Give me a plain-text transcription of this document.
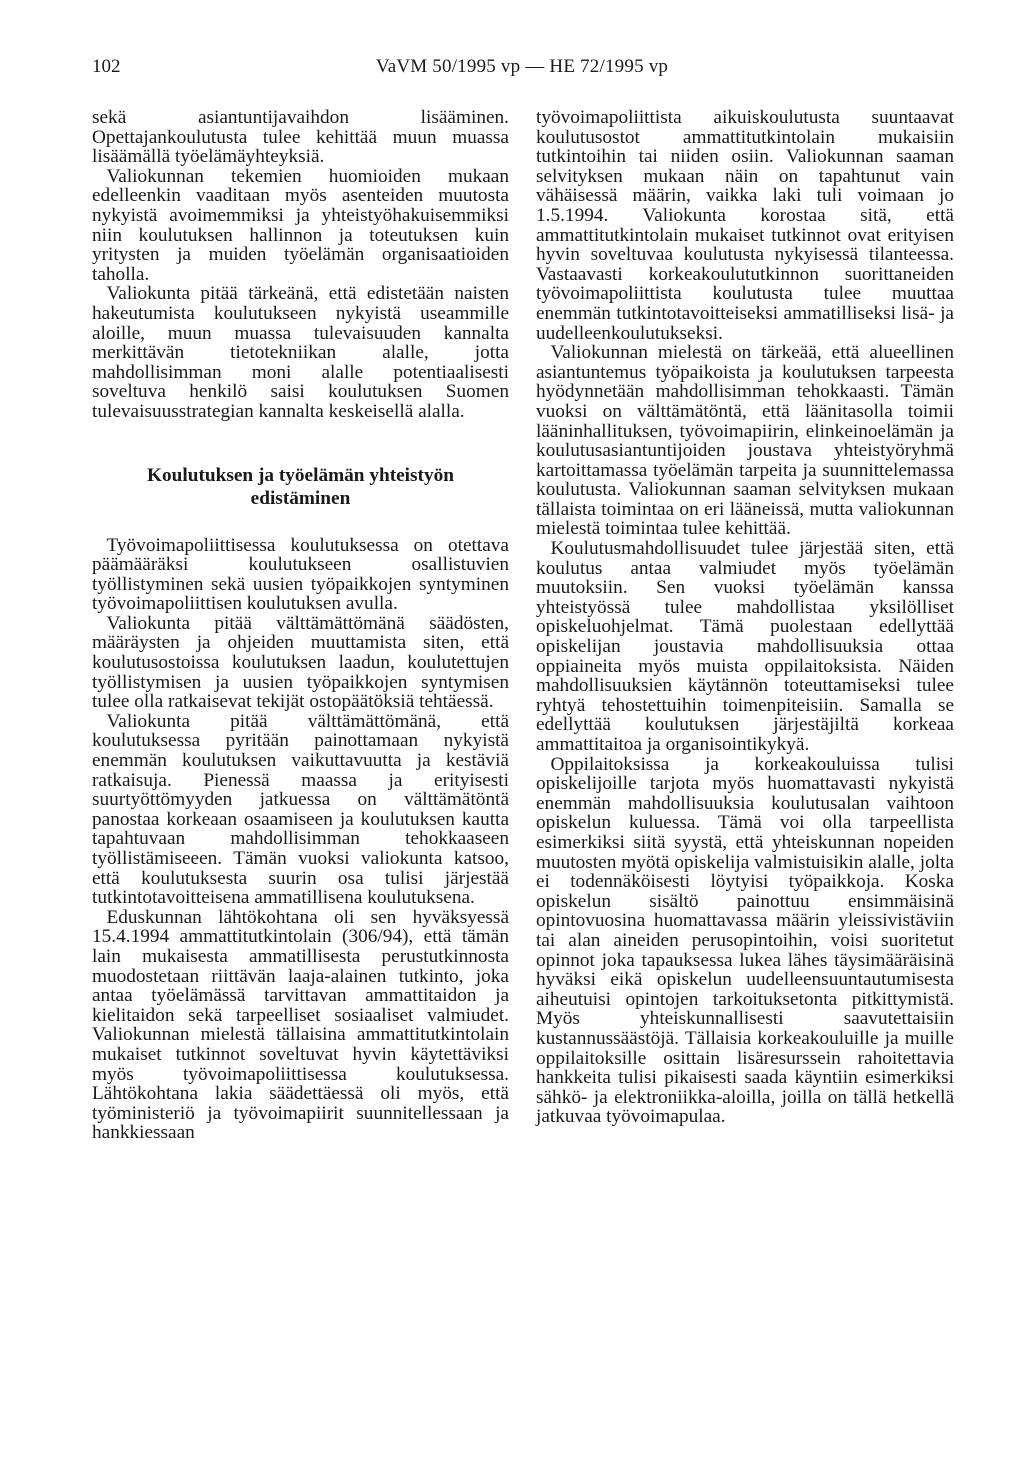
102	VaVM 50/1995 vp — HE 72/1995 vp

sekä asiantuntijavaihdon lisääminen. Opettajankoulutusta tulee kehittää muun muassa lisäämällä työelämäyhteyksiä.

Valiokunnan tekemien huomioiden mukaan edelleenkin vaaditaan myös asenteiden muutosta nykyistä avoimemmiksi ja yhteistyöhakuisemmiksi niin koulutuksen hallinnon ja toteutuksen kuin yritysten ja muiden työelämän organisaatioiden taholla.

Valiokunta pitää tärkeänä, että edistetään naisten hakeutumista koulutukseen nykyistä useammille aloille, muun muassa tulevaisuuden kannalta merkittävän tietotekniikan alalle, jotta mahdollisimman moni alalle potentiaalisesti soveltuva henkilö saisi koulutuksen Suomen tulevaisuusstrategian kannalta keskeisellä alalla.

Koulutuksen ja työelämän yhteistyön
edistäminen

Työvoimapoliittisessa koulutuksessa on otettava päämääräksi koulutukseen osallistuvien työllistyminen sekä uusien työpaikkojen syntyminen työvoimapoliittisen koulutuksen avulla.

Valiokunta pitää välttämättömänä säädösten, määräysten ja ohjeiden muuttamista siten, että koulutusostoissa koulutuksen laadun, koulutettujen työllistymisen ja uusien työpaikkojen syntymisen tulee olla ratkaisevat tekijät ostopäätöksiä tehtäessä.

Valiokunta pitää välttämättömänä, että koulutuksessa pyritään painottamaan nykyistä enemmän koulutuksen vaikuttavuutta ja kestäviä ratkaisuja. Pienessä maassa ja erityisesti suurtyöttömyyden jatkuessa on välttämätöntä panostaa korkeaan osaamiseen ja koulutuksen kautta tapahtuvaan mahdollisimman tehokkaaseen työllistämiseeen. Tämän vuoksi valiokunta katsoo, että koulutuksesta suurin osa tulisi järjestää tutkintotavoitteisena ammatillisena koulutuksena.

Eduskunnan lähtökohtana oli sen hyväksyessä 15.4.1994 ammattitutkintolain (306/94), että tämän lain mukaisesta ammatillisesta perustutkinnosta muodostetaan riittävän laaja-alainen tutkinto, joka antaa työelämässä tarvittavan ammattitaidon ja kielitaidon sekä tarpeelliset sosiaaliset valmiudet. Valiokunnan mielestä tällaisina ammattitutkintolain mukaiset tutkinnot soveltuvat hyvin käytettäviksi myös työvoimapoliittisessa koulutuksessa. Lähtökohtana lakia säädettäessä oli myös, että työministeriö ja työvoimapiirit suunnitellessaan ja hankkiessaan

työvoimapoliittista aikuiskoulutusta suuntaavat koulutusostot ammattitutkintolain mukaisiin tutkintoihin tai niiden osiin. Valiokunnan saaman selvityksen mukaan näin on tapahtunut vain vähäisessä määrin, vaikka laki tuli voimaan jo 1.5.1994. Valiokunta korostaa sitä, että ammattitutkintolain mukaiset tutkinnot ovat erityisen hyvin soveltuvaa koulutusta nykyisessä tilanteessa. Vastaavasti korkeakoulututkinnon suorittaneiden työvoimapoliittista koulutusta tulee muuttaa enemmän tutkintotavoitteiseksi ammatilliseksi lisä- ja uudelleenkoulutukseksi.

Valiokunnan mielestä on tärkeää, että alueellinen asiantuntemus työpaikoista ja koulutuksen tarpeesta hyödynnetään mahdollisimman tehokkaasti. Tämän vuoksi on välttämätöntä, että läänitasolla toimii lääninhallituksen, työvoimapiirin, elinkeinoelämän ja koulutusasiantuntijoiden joustava yhteistyöryhmä kartoittamassa työelämän tarpeita ja suunnittelemassa koulutusta. Valiokunnan saaman selvityksen mukaan tällaista toimintaa on eri lääneissä, mutta valiokunnan mielestä toimintaa tulee kehittää.

Koulutusmahdollisuudet tulee järjestää siten, että koulutus antaa valmiudet myös työelämän muutoksiin. Sen vuoksi työelämän kanssa yhteistyössä tulee mahdollistaa yksilölliset opiskeluohjelmat. Tämä puolestaan edellyttää opiskelijan joustavia mahdollisuuksia ottaa oppiaineita myös muista oppilaitoksista. Näiden mahdollisuuksien käytännön toteuttamiseksi tulee ryhtyä tehostettuihin toimenpiteisiin. Samalla se edellyttää koulutuksen järjestäjiltä korkeaa ammattitaitoa ja organisointikykyä.

Oppilaitoksissa ja korkeakouluissa tulisi opiskelijoille tarjota myös huomattavasti nykyistä enemmän mahdollisuuksia koulutusalan vaihtoon opiskelun kuluessa. Tämä voi olla tarpeellista esimerkiksi siitä syystä, että yhteiskunnan nopeiden muutosten myötä opiskelija valmistuisikin alalle, jolta ei todennäköisesti löytyisi työpaikkoja. Koska opiskelun sisältö painottuu ensimmäisinä opintovuosina huomattavassa määrin yleissivistäviin tai alan aineiden perusopintoihin, voisi suoritetut opinnot joka tapauksessa lukea lähes täysimääräisinä hyväksi eikä opiskelun uudelleensuuntautumisesta aiheutuisi opintojen tarkoituksetonta pitkittymistä. Myös yhteiskunnallisesti saavutettaisiin kustannussäästöjä. Tällaisia korkeakouluille ja muille oppilaitoksille osittain lisäresurssein rahoitettavia hankkeita tulisi pikaisesti saada käyntiin esimerkiksi sähkö- ja elektroniikka-aloilla, joilla on tällä hetkellä jatkuvaa työvoimapulaa.
